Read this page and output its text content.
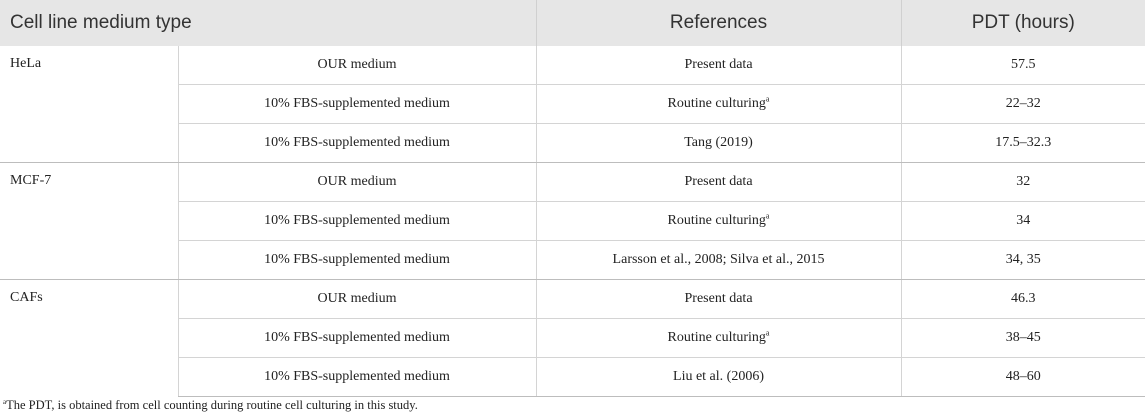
Cell line medium type		References	PDT (hours)
HeLa	OUR medium	Present data	57.5
	10% FBS-supplemented medium	Routine culturing$^a$	22–32
	10% FBS-supplemented medium	Tang (2019)	17.5–32.3
MCF-7	OUR medium	Present data	32
	10% FBS-supplemented medium	Routine culturing$^a$	34
	10% FBS-supplemented medium	Larsson et al., 2008; Silva et al., 2015	34, 35
CAFs	OUR medium	Present data	46.3
	10% FBS-supplemented medium	Routine culturing$^a$	38–45
	10% FBS-supplemented medium	Liu et al. (2006)	48–60
$^a$The PDT, is obtained from cell counting during routine cell culturing in this study.
